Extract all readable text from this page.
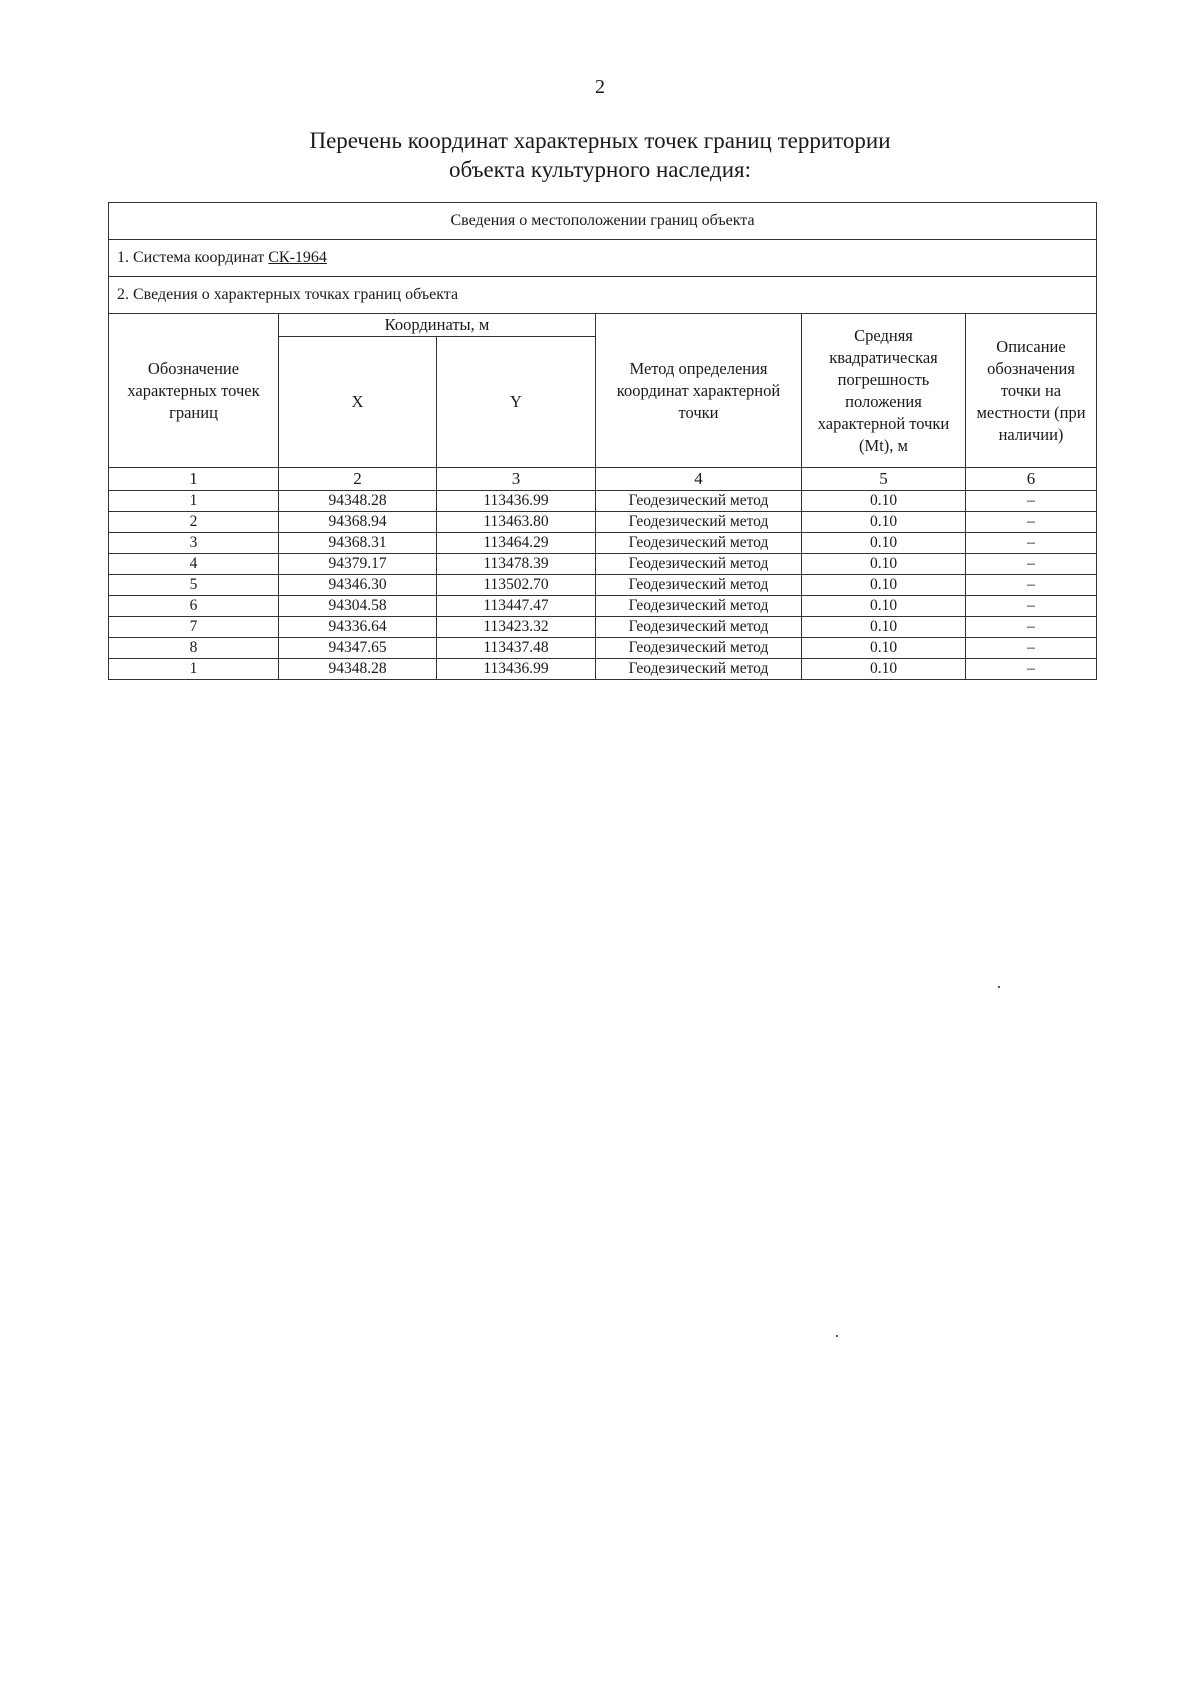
2
Перечень координат характерных точек границ территории
объекта культурного наследия:
Сведения о местоположении границ объекта					
1. Система координат СК-1964					
2. Сведения о характерных точках границ объекта					
Обозначение характерных точек границ	Координаты, м		Метод определения координат характерной точки	Средняя квадратическая погрешность положения характерной точки (Mt), м	Описание обозначения точки на местности (при наличии)
	X	Y			
1	2	3	4	5	6
1	94348.28	113436.99	Геодезический метод	0.10	–
2	94368.94	113463.80	Геодезический метод	0.10	–
3	94368.31	113464.29	Геодезический метод	0.10	–
4	94379.17	113478.39	Геодезический метод	0.10	–
5	94346.30	113502.70	Геодезический метод	0.10	–
6	94304.58	113447.47	Геодезический метод	0.10	–
7	94336.64	113423.32	Геодезический метод	0.10	–
8	94347.65	113437.48	Геодезический метод	0.10	–
1	94348.28	113436.99	Геодезический метод	0.10	–
